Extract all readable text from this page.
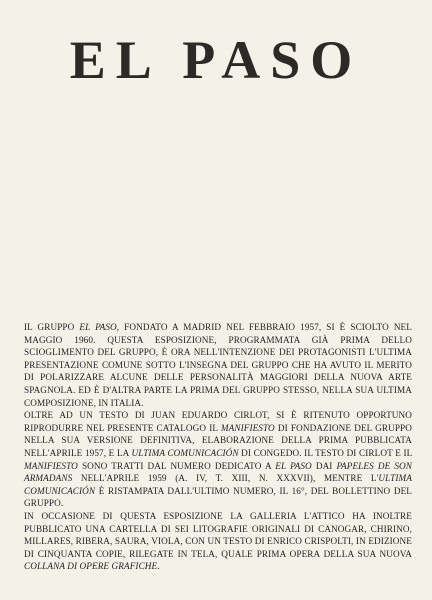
EL PASO

IL GRUPPO EL PASO, FONDATO A MADRID NEL FEBBRAIO 1957, SI È SCIOLTO NEL MAGGIO 1960. QUESTA ESPOSIZIONE, PROGRAMMATA GIÀ PRIMA DELLO SCIOGLIMENTO DEL GRUPPO, È ORA NELL'INTENZIONE DEI PROTAGONISTI L'ULTIMA PRESENTAZIONE COMUNE SOTTO L'INSEGNA DEL GRUPPO CHE HA AVUTO IL MERITO DI POLARIZZARE ALCUNE DELLE PERSONALITÀ MAGGIORI DELLA NUOVA ARTE SPAGNOLA. ED È D'ALTRA PARTE LA PRIMA DEL GRUPPO STESSO, NELLA SUA ULTIMA COMPOSIZIONE, IN ITALIA.

OLTRE AD UN TESTO DI JUAN EDUARDO CIRLOT, SI È RITENUTO OPPORTUNO RIPRODURRE NEL PRESENTE CATALOGO IL MANIFIESTO DI FONDAZIONE DEL GRUPPO NELLA SUA VERSIONE DEFINITIVA, ELABORAZIONE DELLA PRIMA PUBBLICATA NELL'APRILE 1957, E LA ULTIMA COMUNICACIÓN DI CONGEDO. IL TESTO DI CIRLOT E IL MANIFIESTO SONO TRATTI DAL NUMERO DEDICATO A EL PASO DAI PAPELES DE SON ARMADANS NELL'APRILE 1959 (A. IV, T. XIII, N. XXXVII), MENTRE L'ULTIMA COMUNICACIÓN È RISTAMPATA DALL'ULTIMO NUMERO, IL 16°, DEL BOLLETTINO DEL GRUPPO.

IN OCCASIONE DI QUESTA ESPOSIZIONE LA GALLERIA L'ATTICO HA INOLTRE PUBBLICATO UNA CARTELLA DI SEI LITOGRAFIE ORIGINALI DI CANOGAR, CHIRINO, MILLARES, RIBERA, SAURA, VIOLA, CON UN TESTO DI ENRICO CRISPOLTI, IN EDIZIONE DI CINQUANTA COPIE, RILEGATE IN TELA, QUALE PRIMA OPERA DELLA SUA NUOVA COLLANA DI OPERE GRAFICHE.
